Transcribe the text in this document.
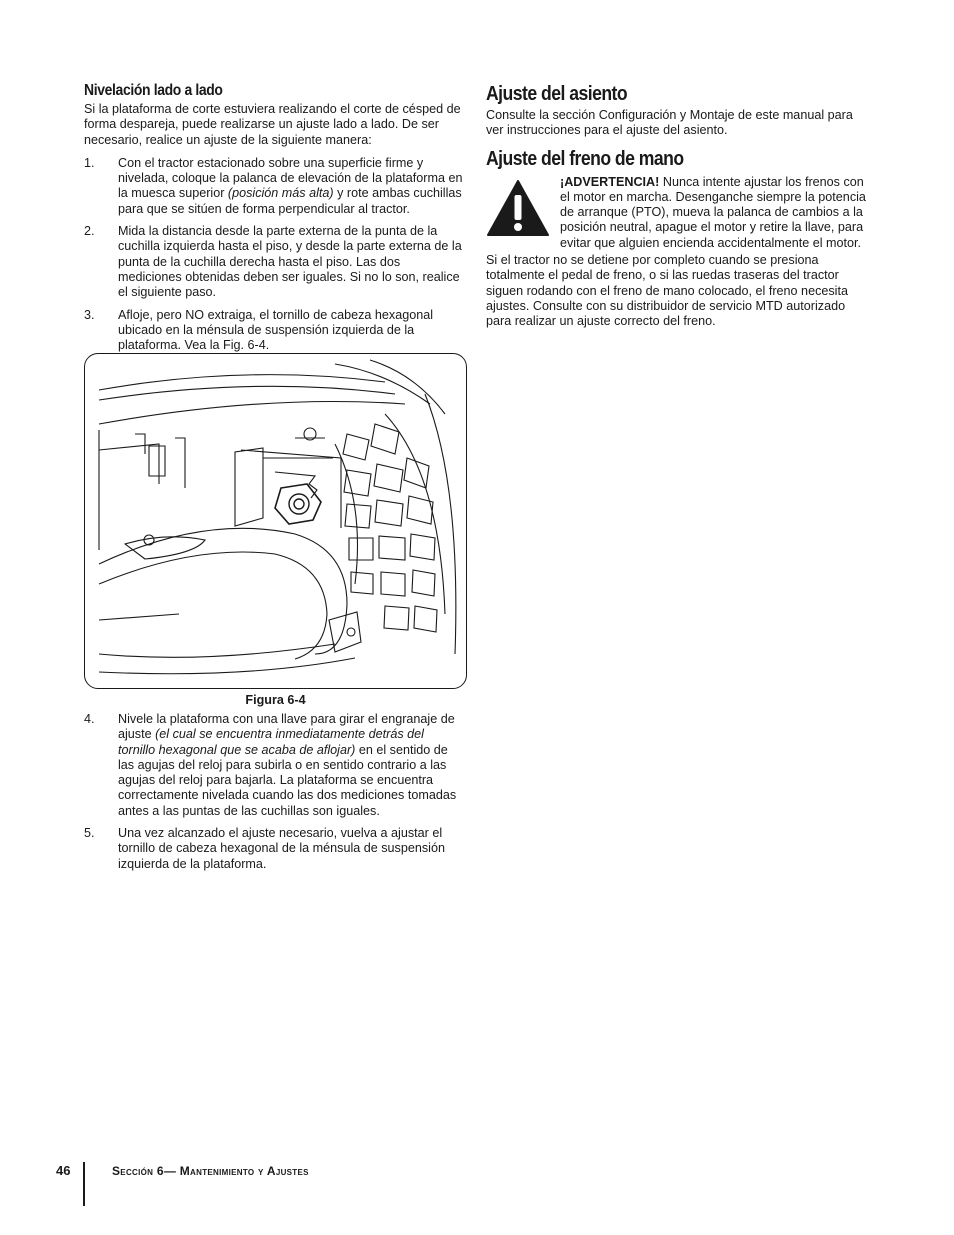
Nivelación lado a lado

Si la plataforma de corte estuviera realizando el corte de césped de forma despareja, puede realizarse un ajuste lado a lado. De ser necesario, realice un ajuste de la siguiente manera:

1. Con el tractor estacionado sobre una superficie firme y nivelada, coloque la palanca de elevación de la plataforma en la muesca superior (posición más alta) y rote ambas cuchillas para que se sitúen de forma perpendicular al tractor.
2. Mida la distancia desde la parte externa de la punta de la cuchilla izquierda hasta el piso, y desde la parte externa de la punta de la cuchilla derecha hasta el piso. Las dos mediciones obtenidas deben ser iguales. Si no lo son, realice el siguiente paso.
3. Afloje, pero NO extraiga, el tornillo de cabeza hexagonal ubicado en la ménsula de suspensión izquierda de la plataforma. Vea la Fig. 6-4.
Figura 6-4
4. Nivele la plataforma con una llave para girar el engranaje de ajuste (el cual se encuentra inmediatamente detrás del tornillo hexagonal que se acaba de aflojar) en el sentido de las agujas del reloj para subirla o en sentido contrario a las agujas del reloj para bajarla. La plataforma se encuentra correctamente nivelada cuando las dos mediciones tomadas antes a las puntas de las cuchillas son iguales.
5. Una vez alcanzado el ajuste necesario, vuelva a ajustar el tornillo de cabeza hexagonal de la ménsula de suspensión izquierda de la plataforma.
Ajuste del asiento

Consulte la sección Configuración y Montaje de este manual para ver instrucciones para el ajuste del asiento.

Ajuste del freno de mano
¡ADVERTENCIA! Nunca intente ajustar los frenos con el motor en marcha. Desenganche siempre la potencia de arranque (PTO), mueva la palanca de cambios a la posición neutral, apague el motor y retire la llave, para evitar que alguien encienda accidentalmente el motor.

Si el tractor no se detiene por completo cuando se presiona totalmente el pedal de freno, o si las ruedas traseras del tractor siguen rodando con el freno de mano colocado, el freno necesita ajustes. Consulte con su distribuidor de servicio MTD autorizado para realizar un ajuste correcto del freno.

46	Sección 6— Mantenimiento y Ajustes
